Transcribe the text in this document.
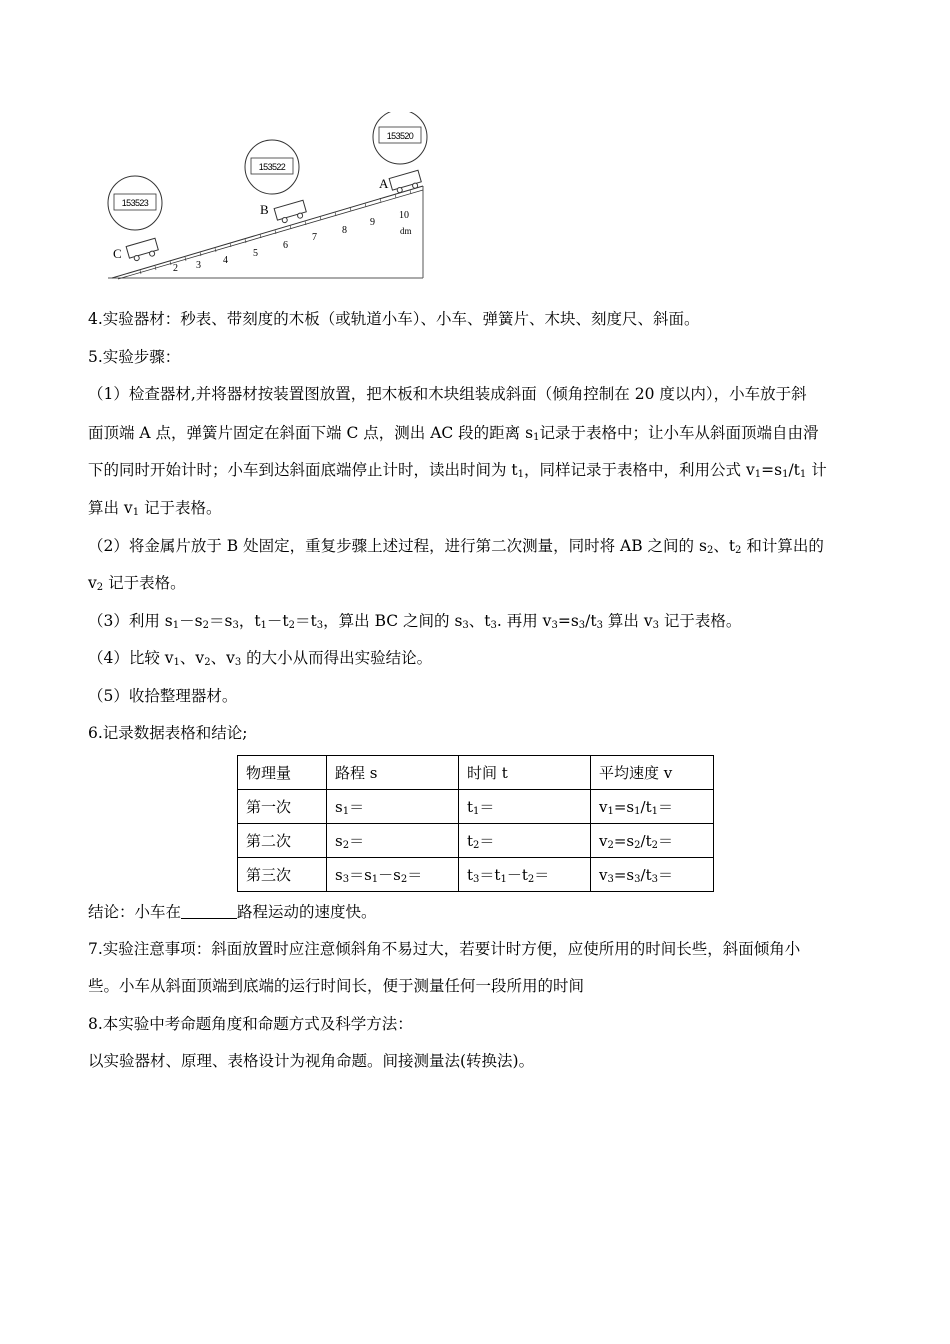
2 3 4
5
6
7
8
9
10
dm
C
B
A
153523
153522
153520
4.实验器材：秒表、带刻度的木板（或轨道小车）、小车、弹簧片、木块、刻度尺、斜面。
5.实验步骤：
（1）检查器材,并将器材按装置图放置，把木板和木块组装成斜面（倾角控制在 20 度以内），小车放于斜
面顶端 A 点，弹簧片固定在斜面下端 C 点，测出 AC 段的距离 $s_1$记录于表格中；让小车从斜面顶端自由滑
下的同时开始计时；小车到达斜面底端停止计时，读出时间为 $t_1$，同样记录于表格中，利用公式 $v_1=s_1/t_1$ 计
算出 $v_1$ 记于表格。
（2）将金属片放于 B 处固定，重复步骤上述过程，进行第二次测量，同时将 AB 之间的 $s_2$、$t_2$ 和计算出的
$v_2$ 记于表格。
（3）利用 $s_1-s_2=s_3$，$t_1-t_2=t_3$，算出 BC 之间的 $s_3$、$t_3$. 再用 $v_3=s_3/t_3$ 算出 $v_3$ 记于表格。
（4）比较 $v_1$、$v_2$、$v_3$ 的大小从而得出实验结论。
（5）收拾整理器材。
6.记录数据表格和结论;
物理量	路程 s	时间 t	平均速度 v
第一次	$s_1=$	$t_1=$	$v_1=s_1/t_1=$
第二次	$s_2=$	$t_2=$	$v_2=s_2/t_2=$
第三次	$s_3=s_1-s_2=$	$t_3=t_1-t_2=$	$v_3=s_3/t_3=$
结论：小车在	路程运动的速度快。
7.实验注意事项：斜面放置时应注意倾斜角不易过大，若要计时方便，应使所用的时间长些，斜面倾角小
些。小车从斜面顶端到底端的运行时间长，便于测量任何一段所用的时间
8.本实验中考命题角度和命题方式及科学方法：
以实验器材、原理、表格设计为视角命题。间接测量法(转换法)。
